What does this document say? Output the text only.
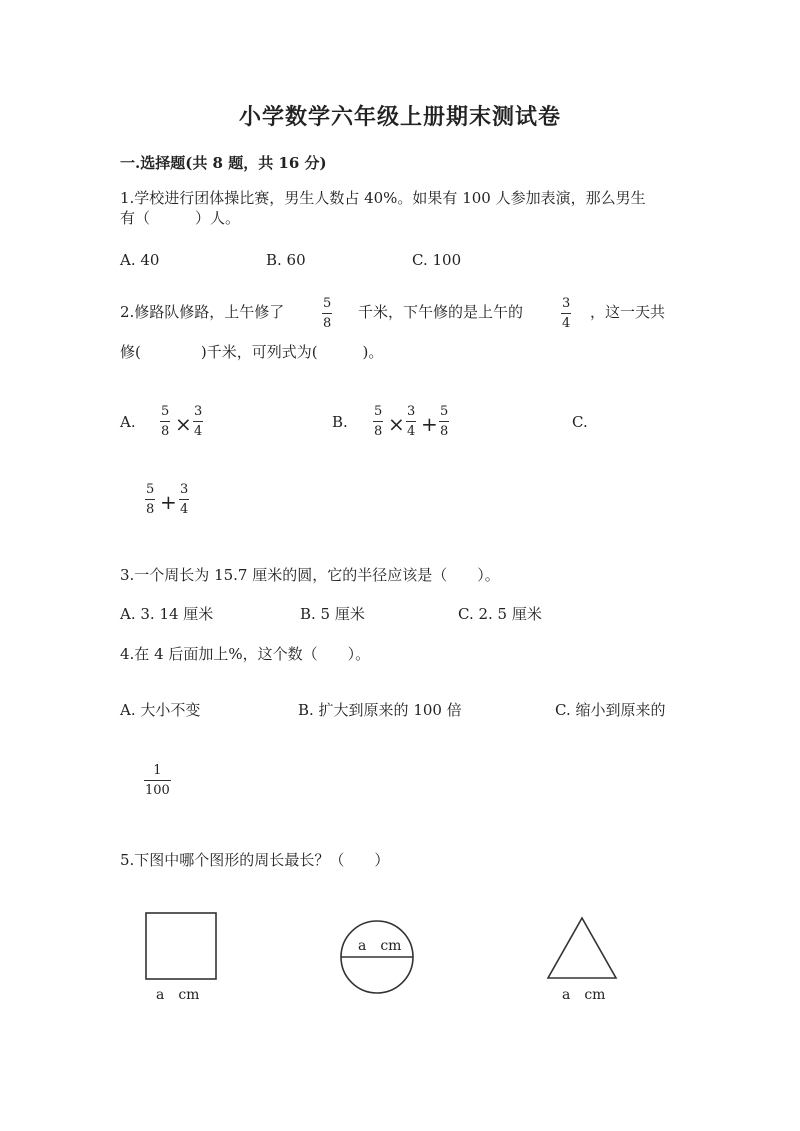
小学数学六年级上册期末测试卷
一.选择题(共 8 题，共 16 分)
1.学校进行团体操比赛，男生人数占 40%。如果有 100 人参加表演，那么男生
有（　　　）人。
A. 40	B. 60	C. 100
2.修路队修路，上午修了	5
8
千米，下午修的是上午的	3
4
，这一天共
修(　　　　)千米，可列式为(　　　)。
A.
5
8 ×
3
4
B.
5
8 ×
3
4 +
5
8
C.
5
8 +
3
4
3.一个周长为 15.7 厘米的圆，它的半径应该是（　　）。
A. 3. 14 厘米	B. 5 厘米	C. 2. 5 厘米
4.在 4 后面加上%，这个数（　　）。
A. 大小不变	B. 扩大到原来的 100 倍	C. 缩小到原来的
1
100
5.下图中哪个图形的周长最长？（　　）
a　cm
a　cm
a　cm
